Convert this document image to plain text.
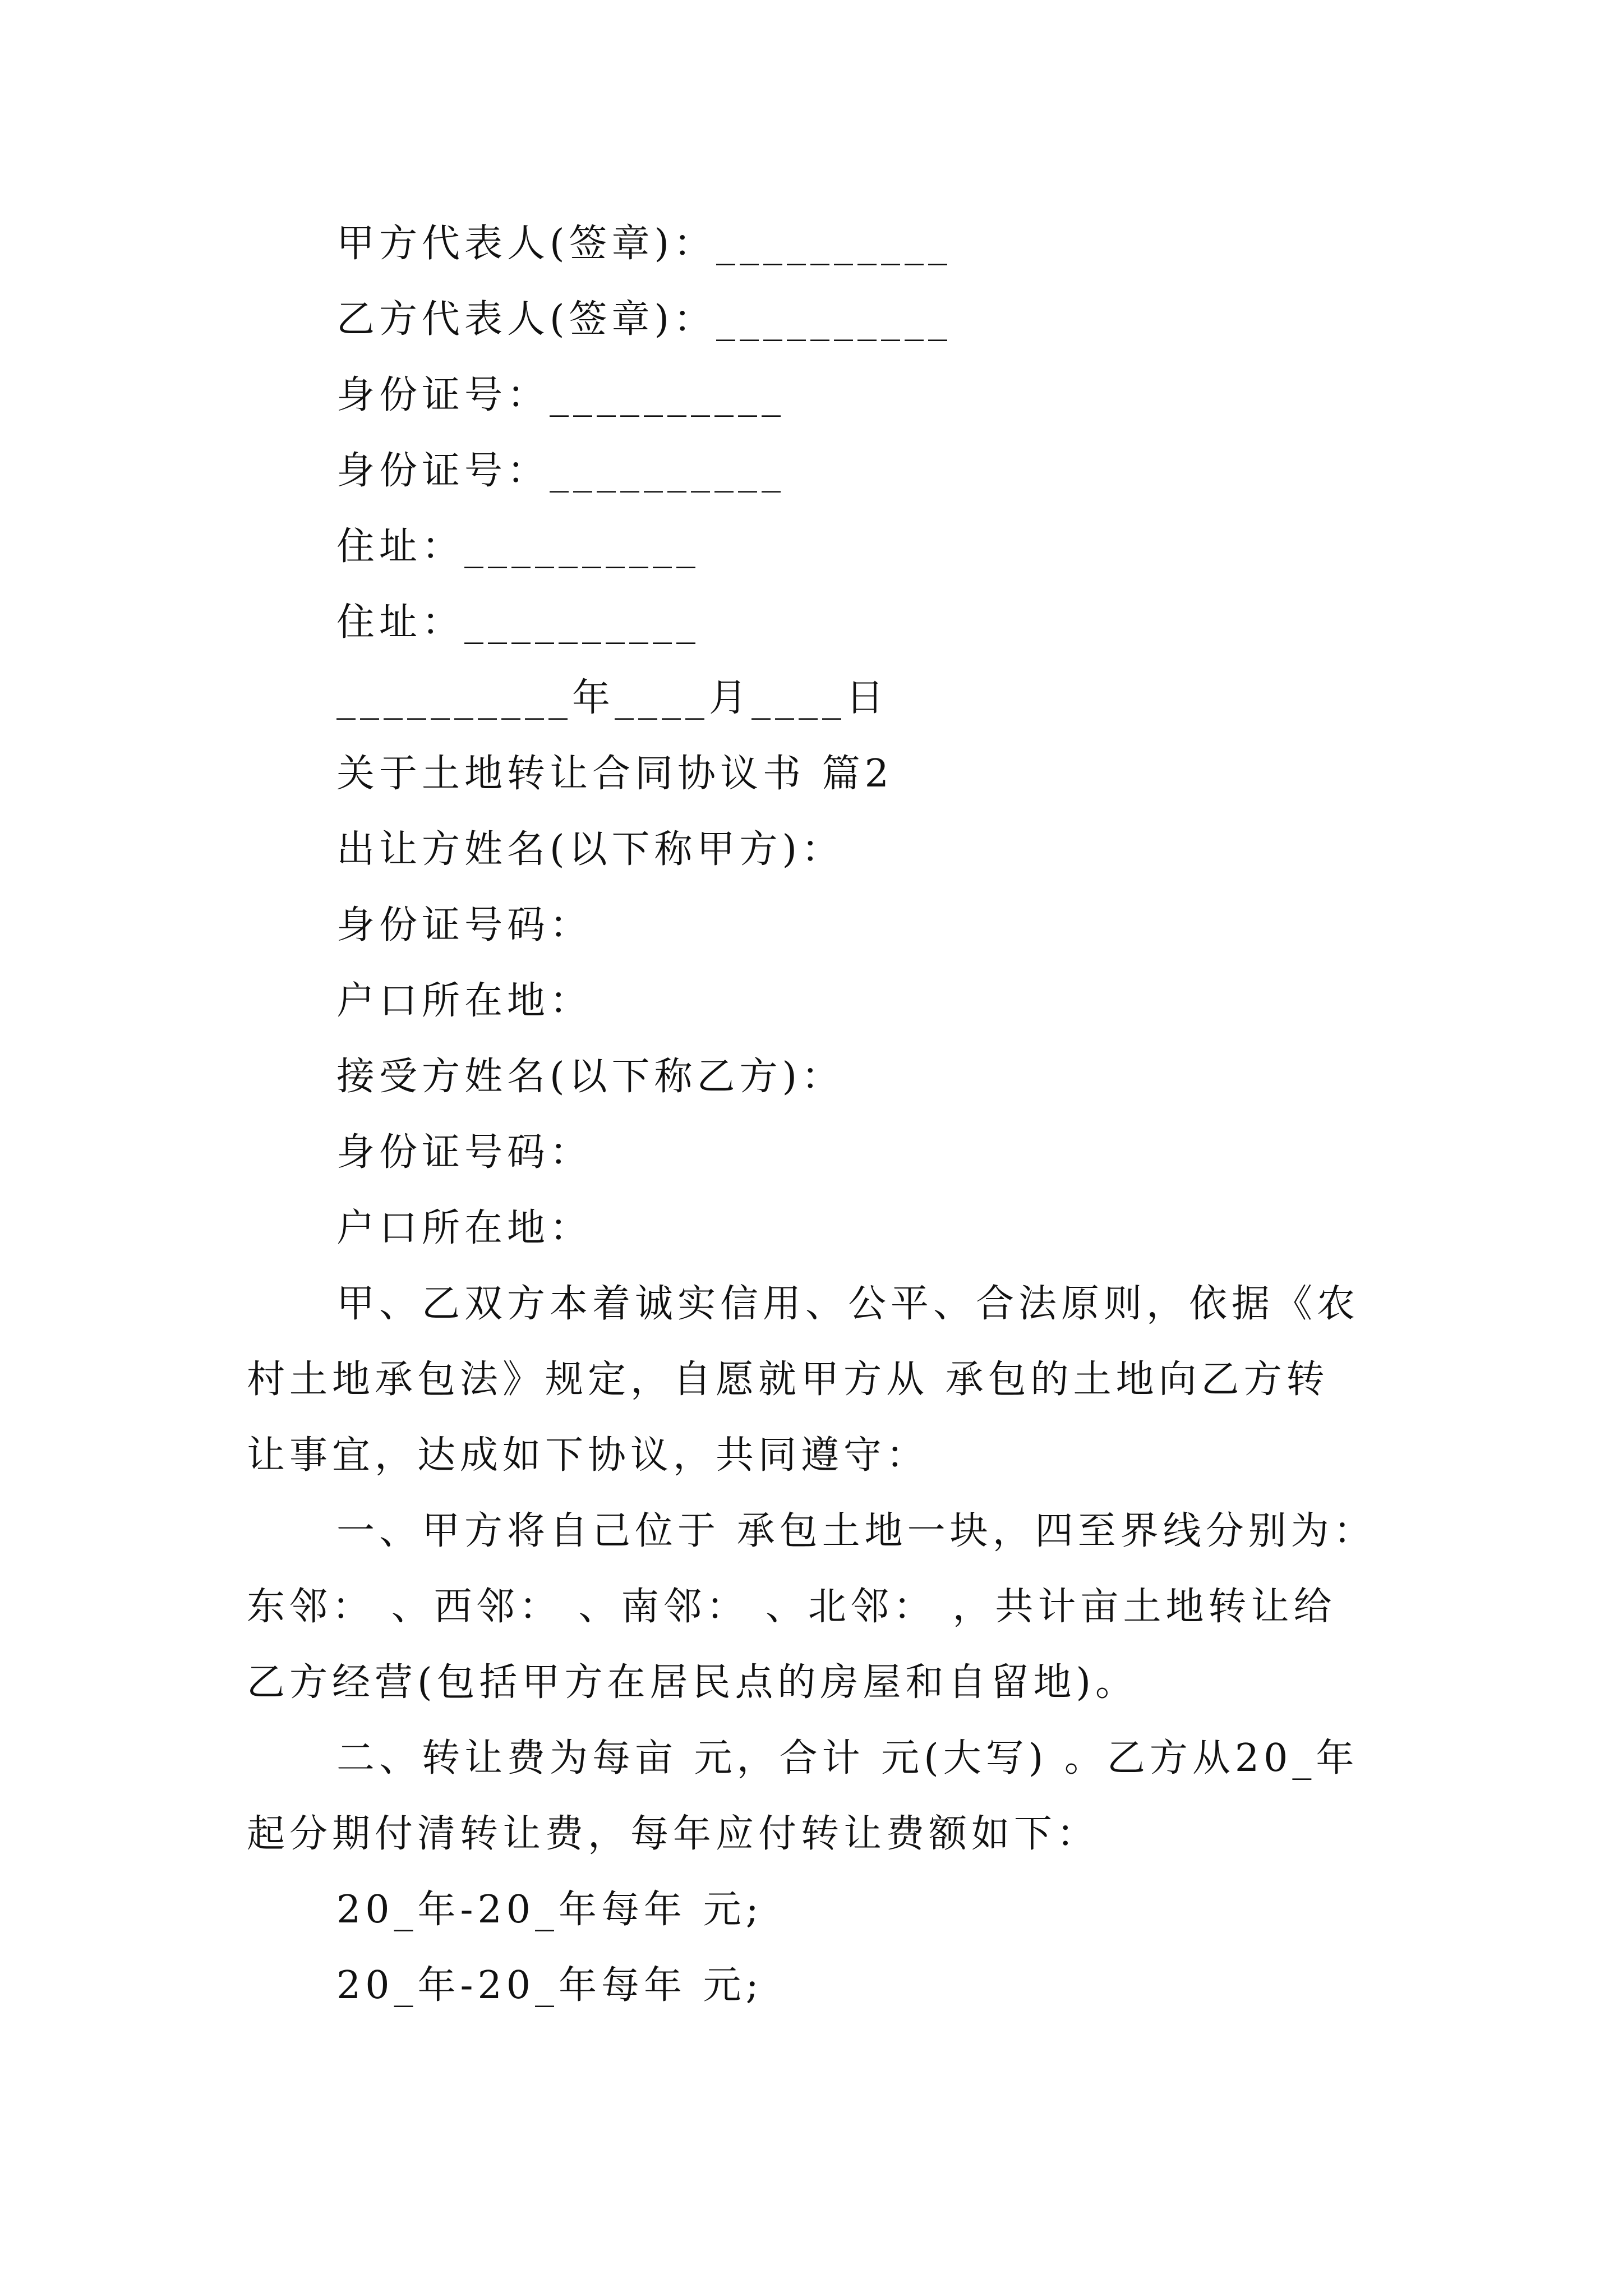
甲方代表人(签章)：__________
乙方代表人(签章)：__________
身份证号：__________
身份证号：__________
住址：__________
住址：__________
__________年____月____日
关于土地转让合同协议书 篇2
出让方姓名(以下称甲方)：
身份证号码：
户口所在地：
接受方姓名(以下称乙方)：
身份证号码：
户口所在地：
甲、乙双方本着诚实信用、公平、合法原则，依据《农
村土地承包法》规定，自愿就甲方从 承包的土地向乙方转
让事宜，达成如下协议，共同遵守：
一、甲方将自己位于 承包土地一块，四至界线分别为：
东邻： 、西邻： 、南邻： 、北邻： ，共计亩土地转让给
乙方经营(包括甲方在居民点的房屋和自留地)。
二、转让费为每亩 元，合计 元(大写) 。乙方从20_年
起分期付清转让费，每年应付转让费额如下：
20_年-20_年每年 元;
20_年-20_年每年 元;
